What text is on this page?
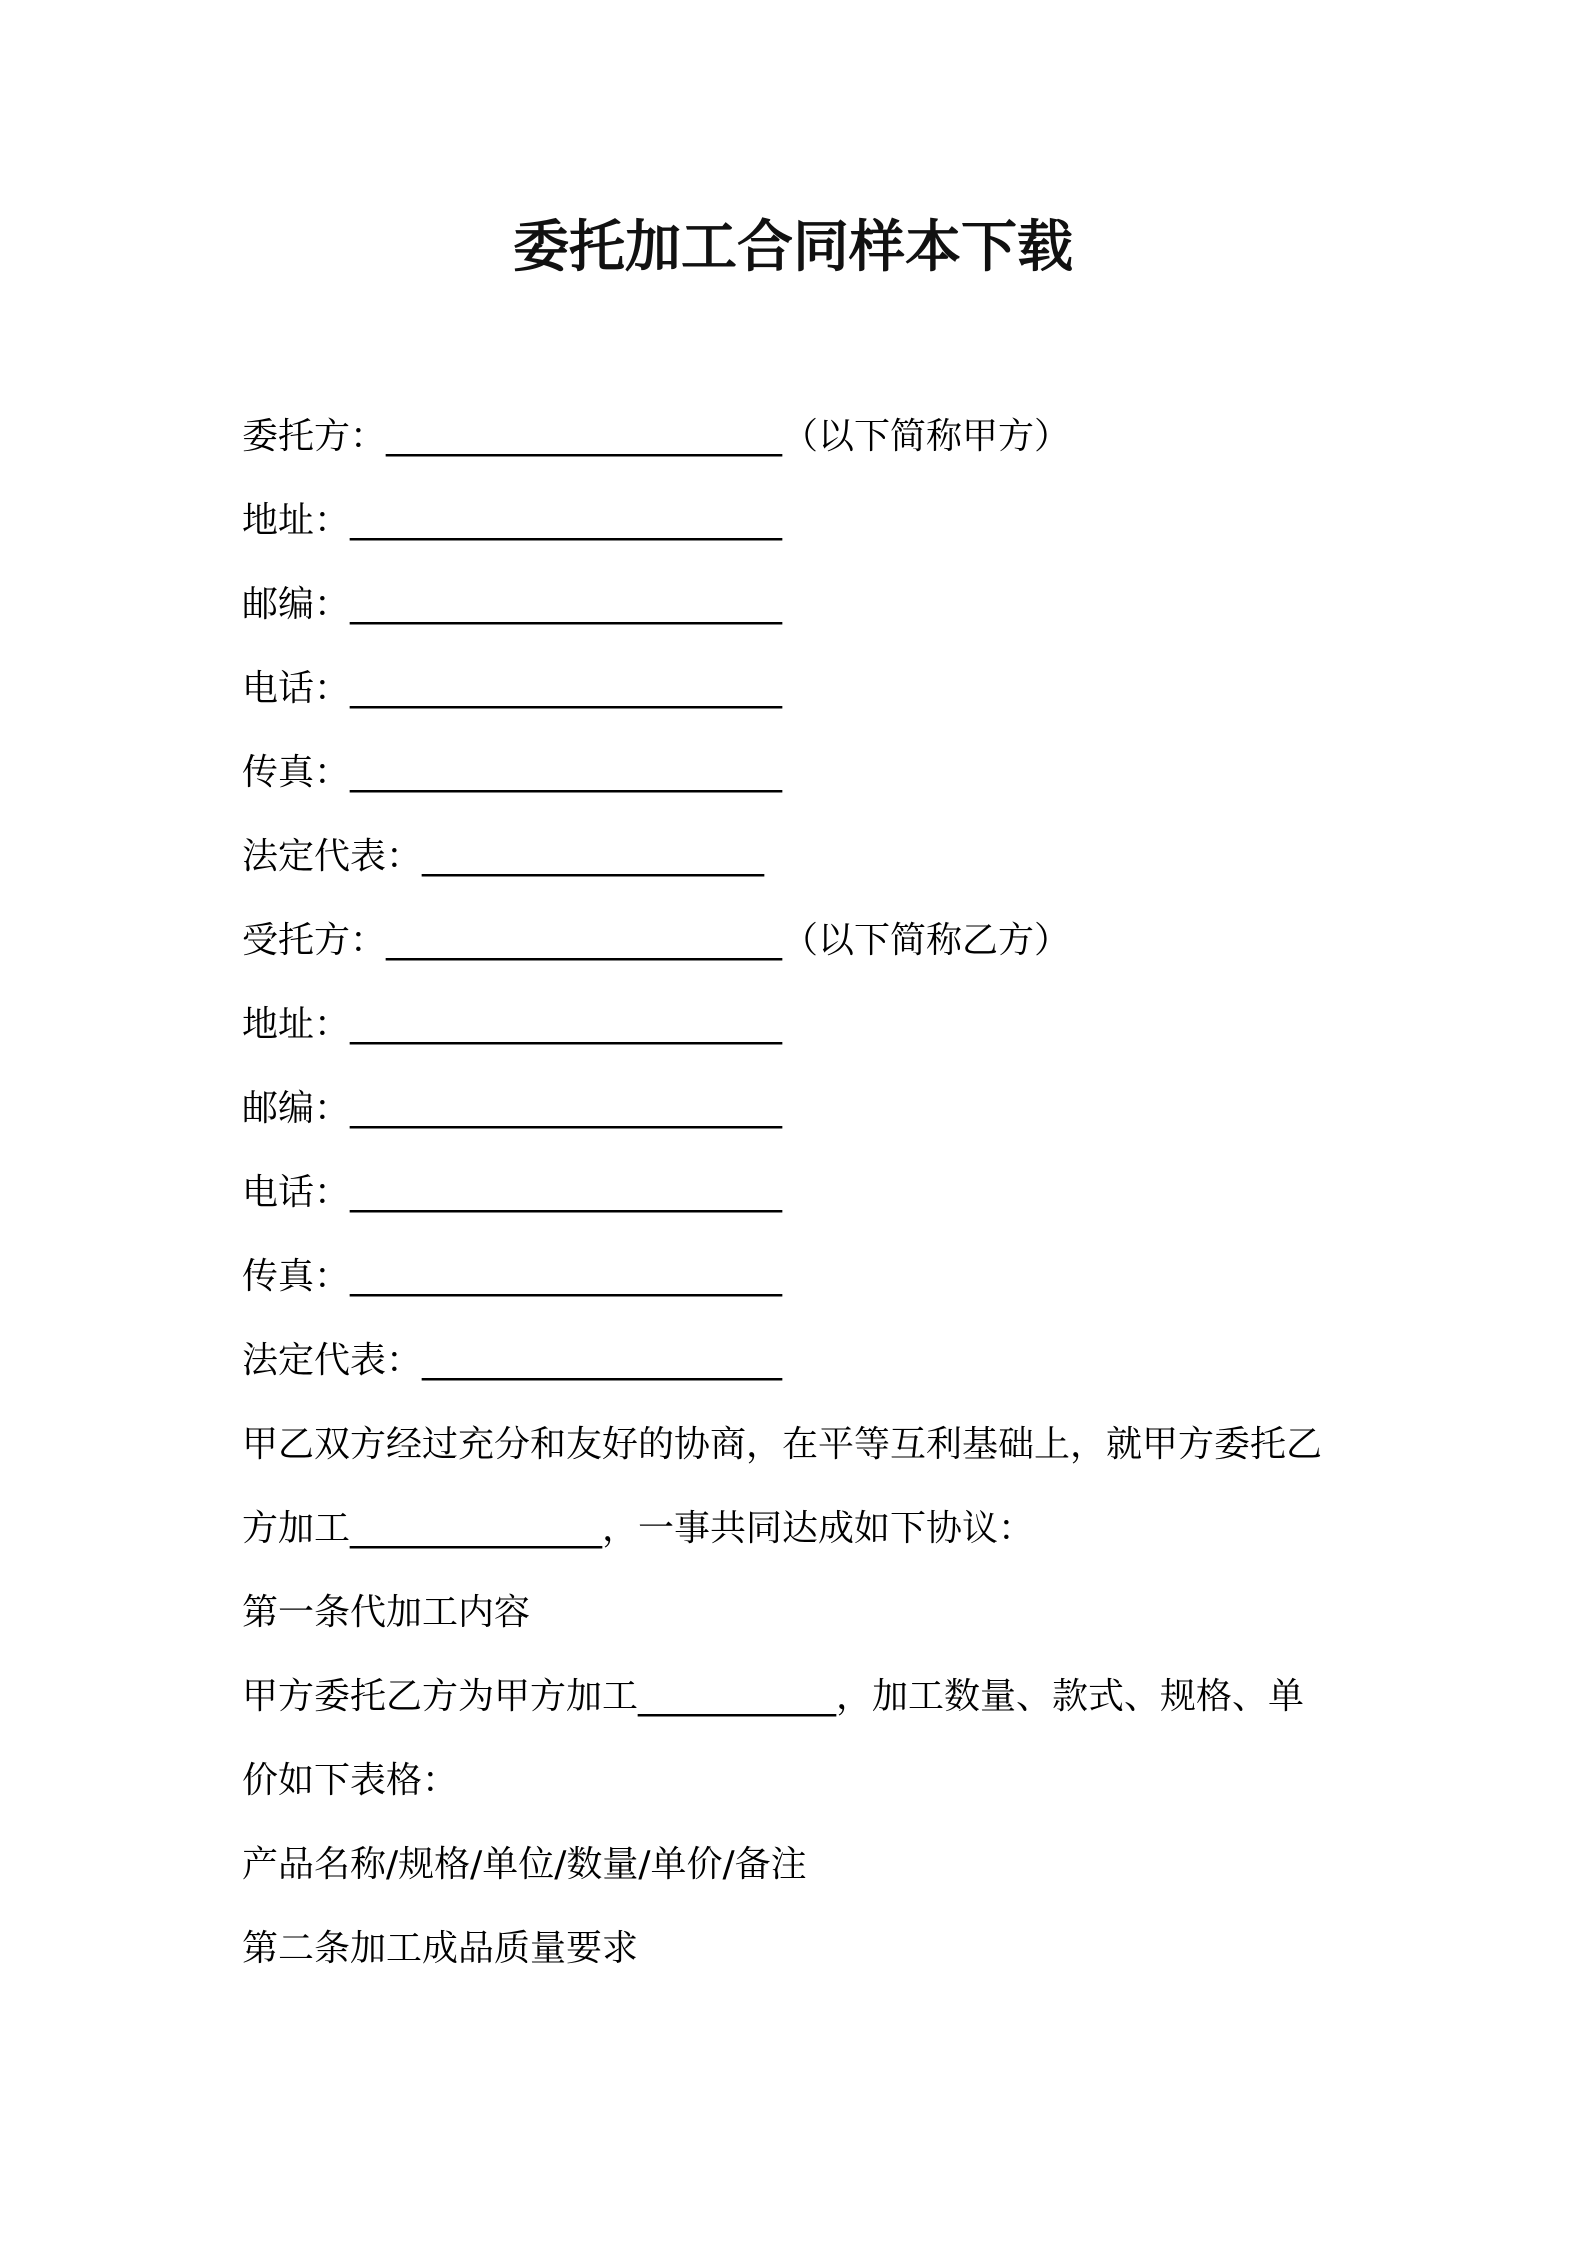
委托加工合同样本下载
委托方： ______________________ （以下简称甲方）
地址： ________________________
邮编： ________________________
电话： ________________________
传真： ________________________
法定代表： ___________________
受托方： ______________________ （以下简称乙方）
地址： ________________________
邮编： ________________________
电话： ________________________
传真： ________________________
法定代表： ____________________
甲乙双方经过充分和友好的协商，在平等互利基础上，就甲方委托乙
方加工______________，一事共同达成如下协议：
第一条代加工内容
甲方委托乙方为甲方加工___________，加工数量、款式、规格、单
价如下表格：
产品名称/规格/单位/数量/单价/备注
第二条加工成品质量要求
